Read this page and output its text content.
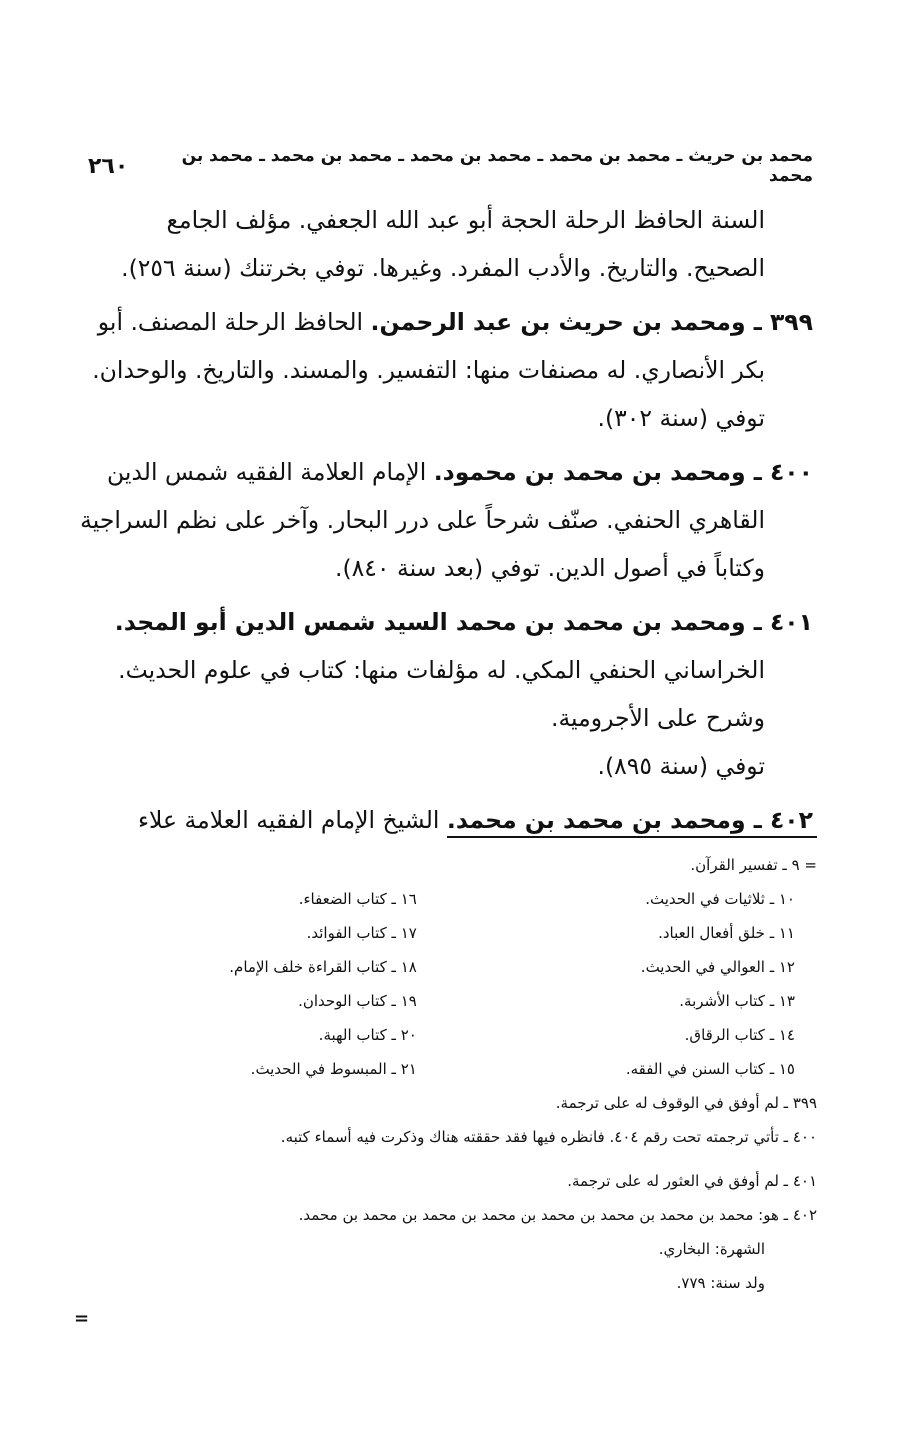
محمد بن حريث ـ محمد بن محمد ـ محمد بن محمد ـ محمد بن محمد ـ محمد بن محمد
٢٦٠
السنة الحافظ الرحلة الحجة أبو عبد الله الجعفي. مؤلف الجامع
الصحيح. والتاريخ. والأدب المفرد. وغيرها. توفي بخرتنك (سنة ٢٥٦).
٣٩٩ ـ ومحمد بن حريث بن عبد الرحمن. الحافظ الرحلة المصنف. أبو
بكر الأنصاري. له مصنفات منها: التفسير. والمسند. والتاريخ. والوحدان.
توفي (سنة ٣٠٢).
٤٠٠ ـ ومحمد بن محمد بن محمود. الإمام العلامة الفقيه شمس الدين
القاهري الحنفي. صنّف شرحاً على درر البحار. وآخر على نظم السراجية
وكتاباً في أصول الدين. توفي (بعد سنة ٨٤٠).
٤٠١ ـ ومحمد بن محمد بن محمد السيد شمس الدين أبو المجد.
الخراساني الحنفي المكي. له مؤلفات منها: كتاب في علوم الحديث.
وشرح على الأجرومية.
توفي (سنة ٨٩٥).
٤٠٢ ـ ومحمد بن محمد بن محمد. الشيخ الإمام الفقيه العلامة علاء
= ٩ ـ تفسير القرآن.
١٠ ـ ثلاثيات في الحديث.
١١ ـ خلق أفعال العباد.
١٢ ـ العوالي في الحديث.
١٣ ـ كتاب الأشربة.
١٤ ـ كتاب الرقاق.
١٥ ـ كتاب السنن في الفقه.
١٦ ـ كتاب الضعفاء.
١٧ ـ كتاب الفوائد.
١٨ ـ كتاب القراءة خلف الإمام.
١٩ ـ كتاب الوحدان.
٢٠ ـ كتاب الهبة.
٢١ ـ المبسوط في الحديث.
٣٩٩ ـ لم أوفق في الوقوف له على ترجمة.
٤٠٠ ـ تأتي ترجمته تحت رقم ٤٠٤. فانظره فيها فقد حققته هناك وذكرت فيه أسماء كتبه.
٤٠١ ـ لم أوفق في العثور له على ترجمة.
٤٠٢ ـ هو: محمد بن محمد بن محمد بن محمد بن محمد بن محمد بن محمد بن محمد.
الشهرة: البخاري.
ولد سنة: ٧٧٩.
=
